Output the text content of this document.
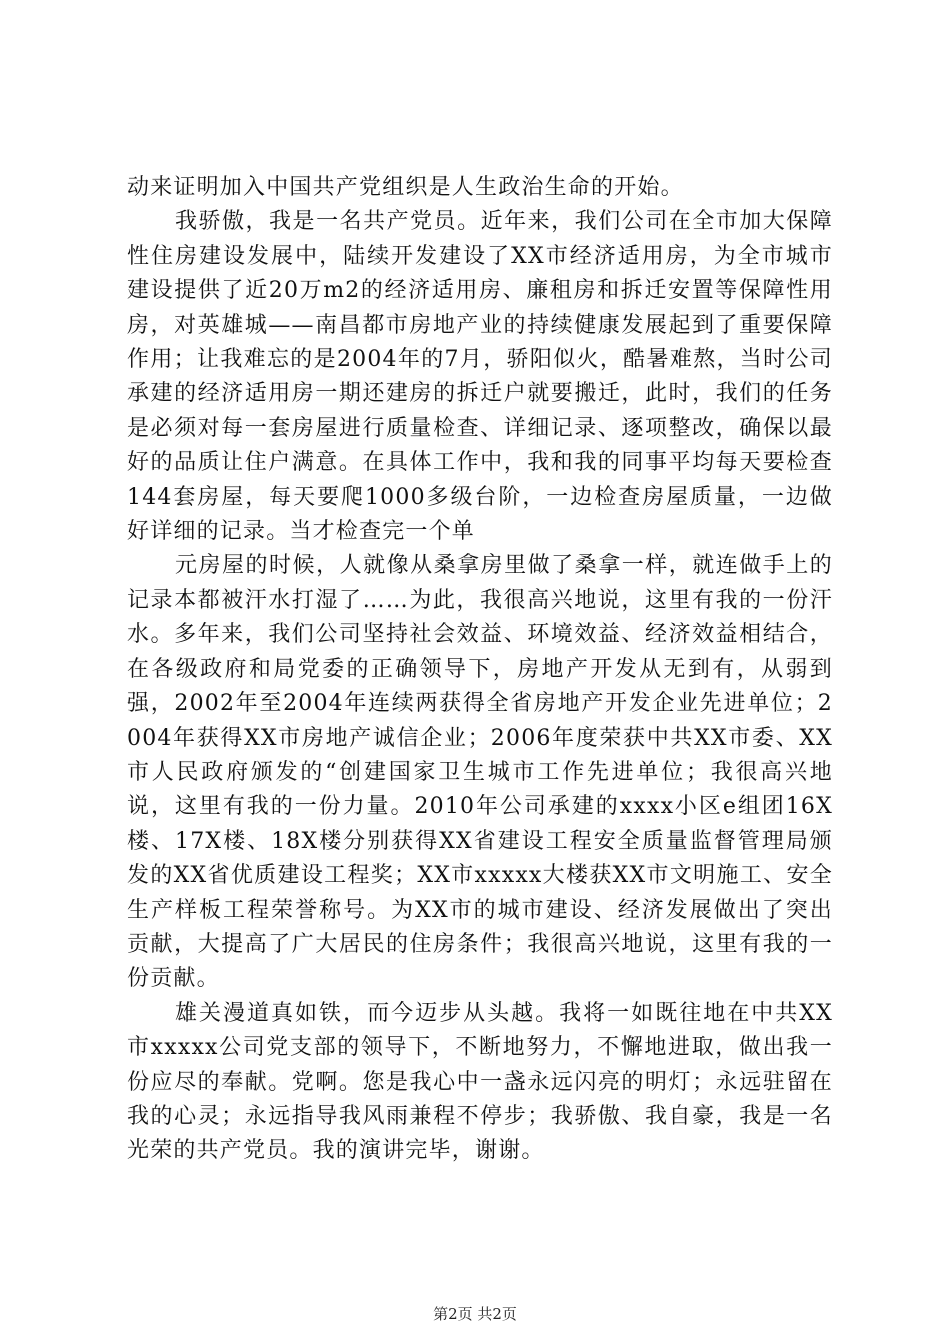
动来证明加入中国共产党组织是人生政治生命的开始。

我骄傲，我是一名共产党员。近年来，我们公司在全市加大保障性住房建设发展中，陆续开发建设了XX市经济适用房，为全市城市建设提供了近20万m2的经济适用房、廉租房和拆迁安置等保障性用房，对英雄城——南昌都市房地产业的持续健康发展起到了重要保障作用；让我难忘的是2004年的7月，骄阳似火，酷暑难熬，当时公司承建的经济适用房一期还建房的拆迁户就要搬迁，此时，我们的任务是必须对每一套房屋进行质量检查、详细记录、逐项整改，确保以最好的品质让住户满意。在具体工作中，我和我的同事平均每天要检查144套房屋，每天要爬1000多级台阶，一边检查房屋质量，一边做好详细的记录。当才检查完一个单

元房屋的时候，人就像从桑拿房里做了桑拿一样，就连做手上的记录本都被汗水打湿了……为此，我很高兴地说，这里有我的一份汗水。多年来，我们公司坚持社会效益、环境效益、经济效益相结合，在各级政府和局党委的正确领导下，房地产开发从无到有，从弱到强，2002年至2004年连续两获得全省房地产开发企业先进单位；2004年获得XX市房地产诚信企业；2006年度荣获中共XX市委、XX市人民政府颁发的“创建国家卫生城市工作先进单位；我很高兴地说，这里有我的一份力量。2010年公司承建的xxxx小区e组团16X楼、17X楼、18X楼分别获得XX省建设工程安全质量监督管理局颁发的XX省优质建设工程奖；XX市xxxxx大楼获XX市文明施工、安全生产样板工程荣誉称号。为XX市的城市建设、经济发展做出了突出贡献，大提高了广大居民的住房条件；我很高兴地说，这里有我的一份贡献。

雄关漫道真如铁，而今迈步从头越。我将一如既往地在中共XX市xxxxx公司党支部的领导下，不断地努力，不懈地进取，做出我一份应尽的奉献。党啊。您是我心中一盏永远闪亮的明灯；永远驻留在我的心灵；永远指导我风雨兼程不停步；我骄傲、我自豪，我是一名光荣的共产党员。我的演讲完毕，谢谢。

第2页 共2页
